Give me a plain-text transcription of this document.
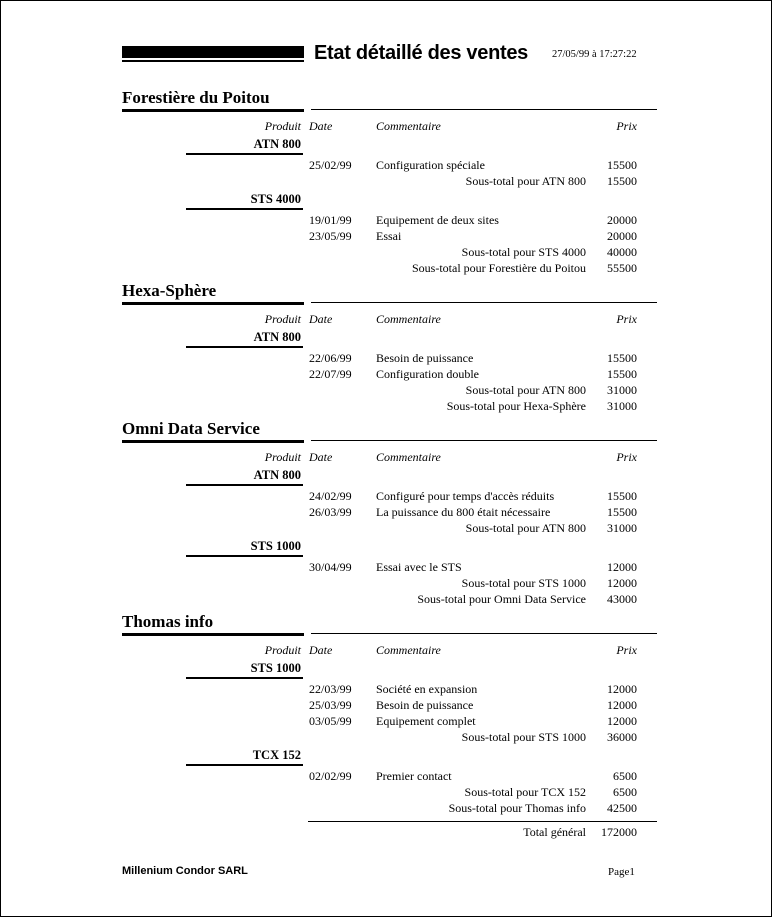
Etat détaillé des ventes 27/05/99 à 17:27:22
Forestière du Poitou
Produit Date	Commentaire	Prix
ATN 800
25/02/99 Configuration spéciale	15500
Sous-total pour ATN 800	15500
STS 4000
19/01/99 Equipement de deux sites	20000
23/05/99 Essai	20000
Sous-total pour STS 4000	40000
Sous-total pour Forestière du Poitou	55500
Hexa-Sphère
Produit Date	Commentaire	Prix
ATN 800
22/06/99 Besoin de puissance	15500
22/07/99 Configuration double	15500
Sous-total pour ATN 800	31000
Sous-total pour Hexa-Sphère	31000
Omni Data Service
Produit Date	Commentaire	Prix
ATN 800
24/02/99 Configuré pour temps d'accès réduits	15500
26/03/99 La puissance du 800 était nécessaire	15500
Sous-total pour ATN 800	31000
STS 1000
30/04/99 Essai avec le STS	12000
Sous-total pour STS 1000	12000
Sous-total pour Omni Data Service	43000
Thomas info
Produit Date	Commentaire	Prix
STS 1000
22/03/99 Société en expansion	12000
25/03/99 Besoin de puissance	12000
03/05/99 Equipement complet	12000
Sous-total pour STS 1000	36000
TCX 152
02/02/99 Premier contact	6500
Sous-total pour TCX 152	6500
Sous-total pour Thomas info	42500
Total général	172000
Millenium Condor SARL	Page1
